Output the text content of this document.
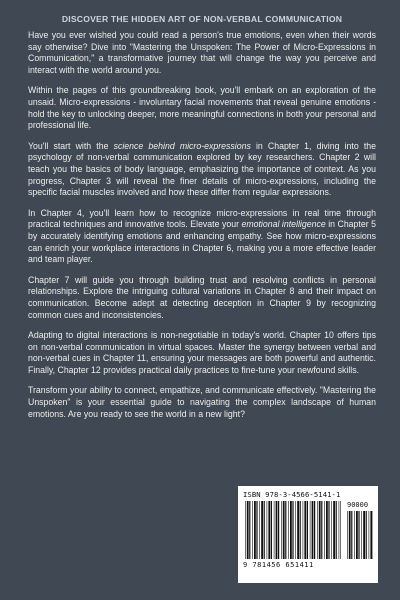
DISCOVER THE HIDDEN ART OF NON-VERBAL COMMUNICATION

Have you ever wished you could read a person's true emotions, even when their words say otherwise? Dive into "Mastering the Unspoken: The Power of Micro-Expressions in Communication," a transformative journey that will change the way you perceive and interact with the world around you.

Within the pages of this groundbreaking book, you'll embark on an exploration of the unsaid. Micro-expressions - involuntary facial movements that reveal genuine emotions - hold the key to unlocking deeper, more meaningful connections in both your personal and professional life.

You'll start with the science behind micro-expressions in Chapter 1, diving into the psychology of non-verbal communication explored by key researchers. Chapter 2 will teach you the basics of body language, emphasizing the importance of context. As you progress, Chapter 3 will reveal the finer details of micro-expressions, including the specific facial muscles involved and how these differ from regular expressions.

In Chapter 4, you'll learn how to recognize micro-expressions in real time through practical techniques and innovative tools. Elevate your emotional intelligence in Chapter 5 by accurately identifying emotions and enhancing empathy. See how micro-expressions can enrich your workplace interactions in Chapter 6, making you a more effective leader and team player.

Chapter 7 will guide you through building trust and resolving conflicts in personal relationships. Explore the intriguing cultural variations in Chapter 8 and their impact on communication. Become adept at detecting deception in Chapter 9 by recognizing common cues and inconsistencies.

Adapting to digital interactions is non-negotiable in today's world. Chapter 10 offers tips on non-verbal communication in virtual spaces. Master the synergy between verbal and non-verbal cues in Chapter 11, ensuring your messages are both powerful and authentic. Finally, Chapter 12 provides practical daily practices to fine-tune your newfound skills.

Transform your ability to connect, empathize, and communicate effectively. "Mastering the Unspoken" is your essential guide to navigating the complex landscape of human emotions. Are you ready to see the world in a new light?

ISBN 978-3-4566-5141-1
90000
9 781456 651411
